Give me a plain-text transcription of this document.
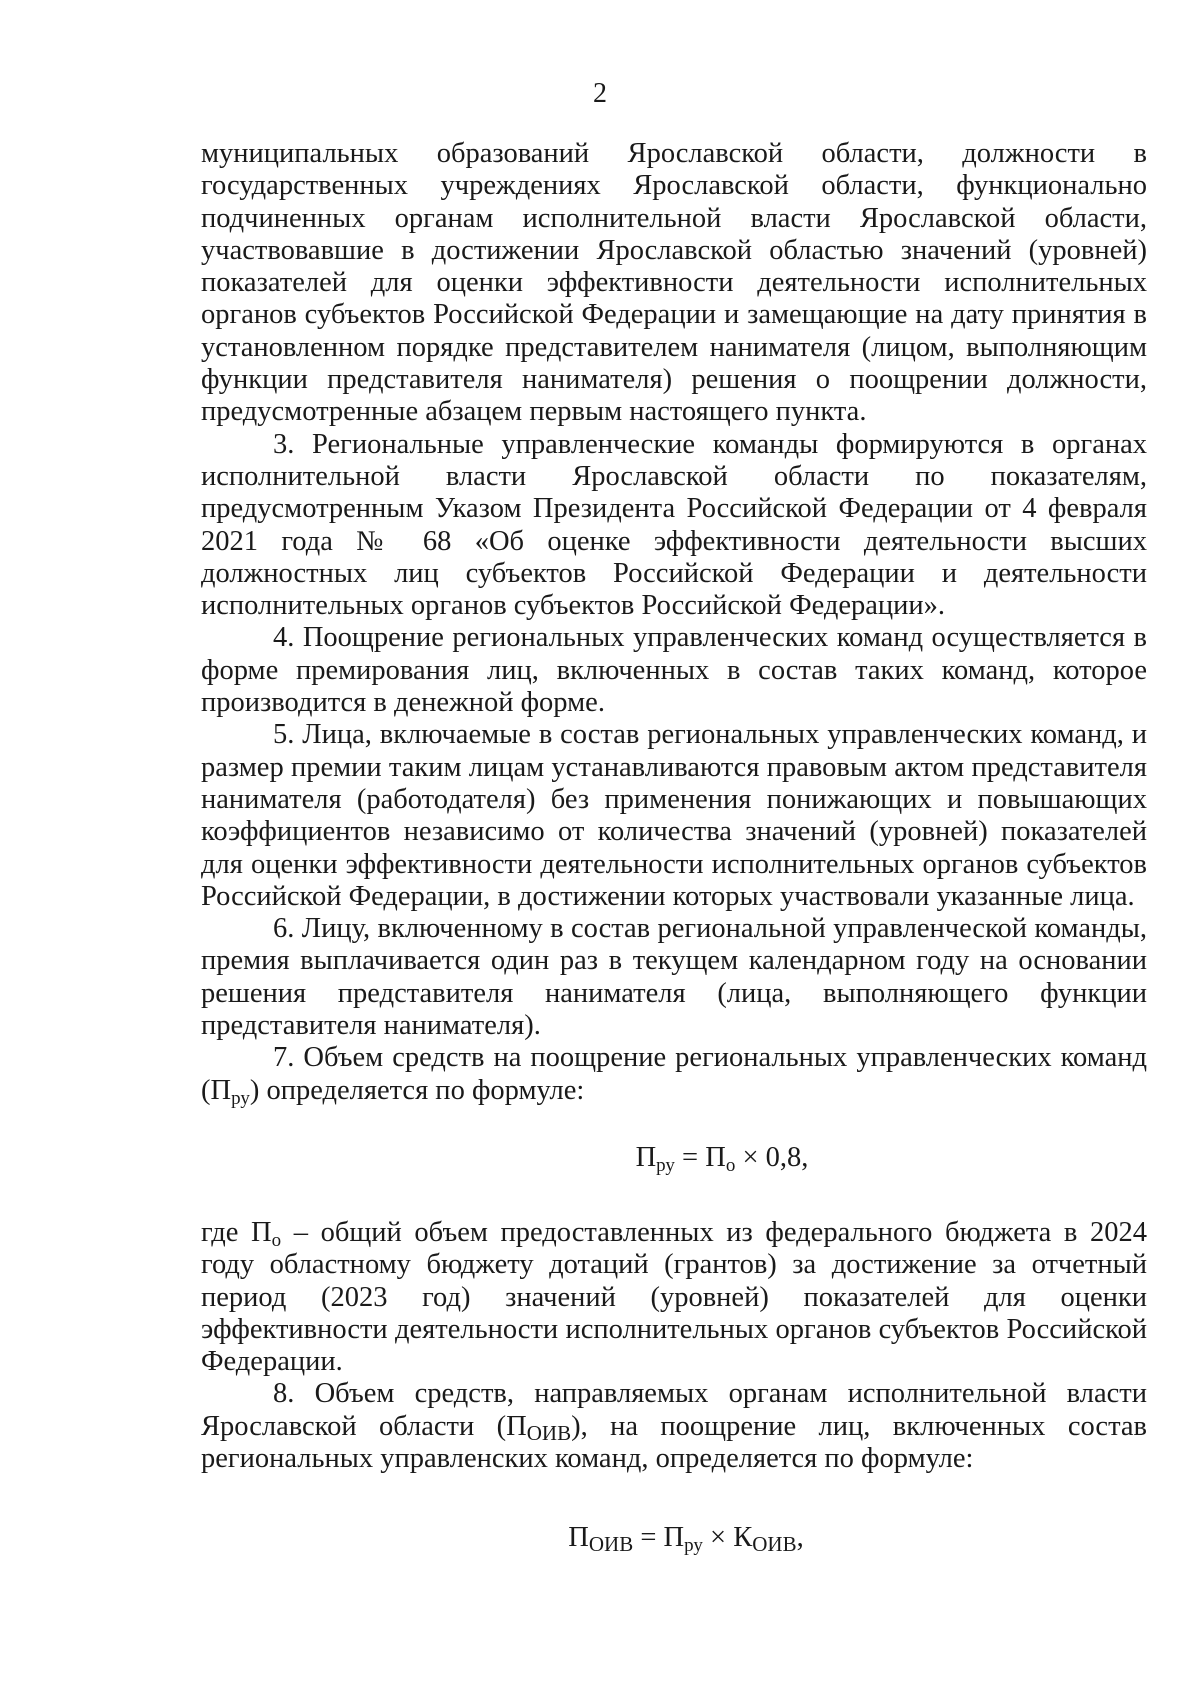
2

муниципальных образований Ярославской области, должности в государственных учреждениях Ярославской области, функционально подчиненных органам исполнительной власти Ярославской области, участвовавшие в достижении Ярославской областью значений (уровней) показателей для оценки эффективности деятельности исполнительных органов субъектов Российской Федерации и замещающие на дату принятия в установленном порядке представителем нанимателя (лицом, выполняющим функции представителя нанимателя) решения о поощрении должности, предусмотренные абзацем первым настоящего пункта.

3. Региональные управленческие команды формируются в органах исполнительной власти Ярославской области по показателям, предусмотренным Указом Президента Российской Федерации от 4 февраля 2021 года № 68 «Об оценке эффективности деятельности высших должностных лиц субъектов Российской Федерации и деятельности исполнительных органов субъектов Российской Федерации».

4. Поощрение региональных управленческих команд осуществляется в форме премирования лиц, включенных в состав таких команд, которое производится в денежной форме.

5. Лица, включаемые в состав региональных управленческих команд, и размер премии таким лицам устанавливаются правовым актом представителя нанимателя (работодателя) без применения понижающих и повышающих коэффициентов независимо от количества значений (уровней) показателей для оценки эффективности деятельности исполнительных органов субъектов Российской Федерации, в достижении которых участвовали указанные лица.

6. Лицу, включенному в состав региональной управленческой команды, премия выплачивается один раз в текущем календарном году на основании решения представителя нанимателя (лица, выполняющего функции представителя нанимателя).

7. Объем средств на поощрение региональных управленческих команд $(П_{ру})$ определяется по формуле:

$П_{ру} = П_о \times 0,8$,

где $П_о$ – общий объем предоставленных из федерального бюджета в 2024 году областному бюджету дотаций (грантов) за достижение за отчетный период (2023 год) значений (уровней) показателей для оценки эффективности деятельности исполнительных органов субъектов Российской Федерации.

8. Объем средств, направляемых органам исполнительной власти Ярославской области $(П_{ОИВ})$, на поощрение лиц, включенных состав региональных управленских команд, определяется по формуле:

$П_{ОИВ} = П_{ру} \times К_{ОИВ}$,
